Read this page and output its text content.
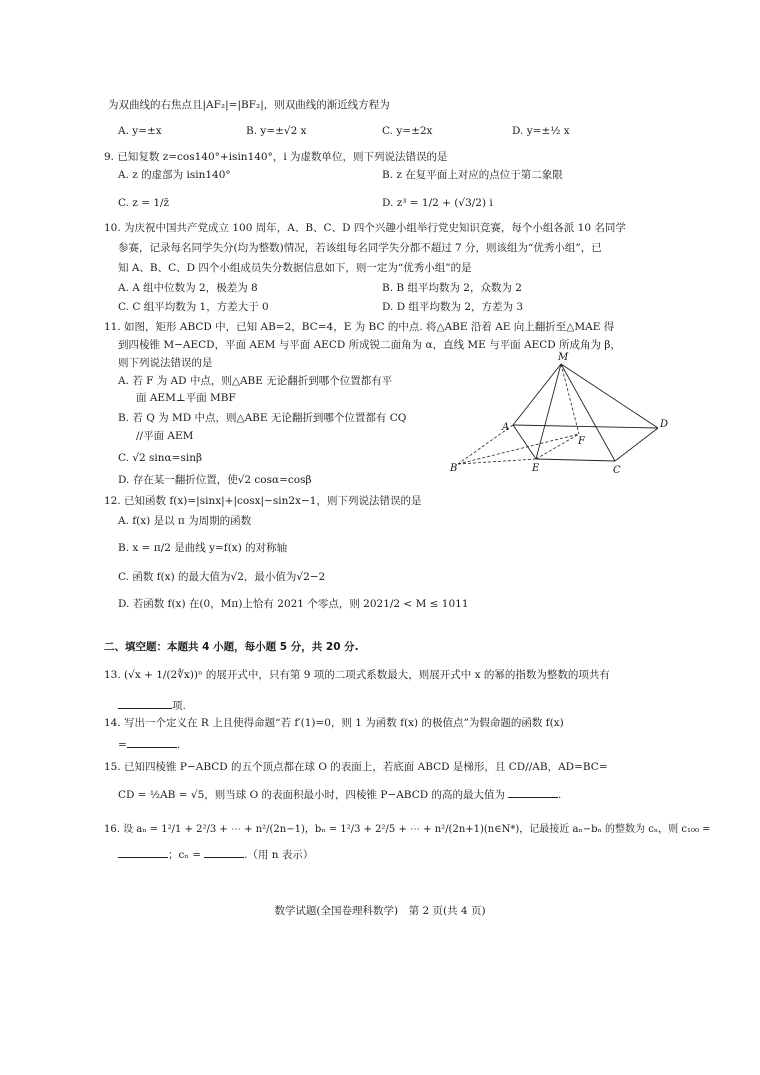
为双曲线的右焦点且|AF₂|=|BF₂|，则双曲线的渐近线方程为
A. y=±x	B. y=±√2 x	C. y=±2x	D. y=±½ x
9. 已知复数 z=cos140°+isin140°，i 为虚数单位，则下列说法错误的是
A. z 的虚部为 isin140°	B. z 在复平面上对应的点位于第二象限
C. z = 1/z̄	D. z³ = 1/2 + (√3/2) i
10. 为庆祝中国共产党成立 100 周年，A、B、C、D 四个兴趣小组举行党史知识竞赛，每个小组各派 10 名同学
参赛，记录每名同学失分(均为整数)情况，若该组每名同学失分都不超过 7 分，则该组为“优秀小组”，已
知 A、B、C、D 四个小组成员失分数据信息如下，则一定为“优秀小组”的是
A. A 组中位数为 2，极差为 8	B. B 组平均数为 2，众数为 2
C. C 组平均数为 1，方差大于 0	D. D 组平均数为 2，方差为 3
11. 如图，矩形 ABCD 中，已知 AB=2，BC=4，E 为 BC 的中点. 将△ABE 沿着 AE 向上翻折至△MAE 得
到四棱锥 M−AECD，平面 AEM 与平面 AECD 所成锐二面角为 α，直线 ME 与平面 AECD 所成角为 β，
则下列说法错误的是
A. 若 F 为 AD 中点，则△ABE 无论翻折到哪个位置都有平
面 AEM⊥平面 MBF
B. 若 Q 为 MD 中点，则△ABE 无论翻折到哪个位置都有 CQ
//平面 AEM
C. √2 sinα=sinβ
D. 存在某一翻折位置，使√2 cosα=cosβ
M
A	D
F
B	E	C
12. 已知函数 f(x)=|sinx|+|cosx|−sin2x−1，则下列说法错误的是
A. f(x) 是以 π 为周期的函数
B. x = π/2 是曲线 y=f(x) 的对称轴
C. 函数 f(x) 的最大值为√2，最小值为√2−2
D. 若函数 f(x) 在(0，Mπ)上恰有 2021 个零点，则 2021/2 < M ≤ 1011
二、填空题：本题共 4 小题，每小题 5 分，共 20 分.
13. (√x + 1/(2∜x))ⁿ 的展开式中，只有第 9 项的二项式系数最大，则展开式中 x 的幂的指数为整数的项共有
项.
14. 写出一个定义在 R 上且使得命题“若 f′(1)=0，则 1 为函数 f(x) 的极值点”为假命题的函数 f(x)
=	.
15. 已知四棱锥 P−ABCD 的五个顶点都在球 O 的表面上，若底面 ABCD 是梯形，且 CD//AB，AD=BC=
CD = ½AB = √5，则当球 O 的表面积最小时，四棱锥 P−ABCD 的高的最大值为	.
16. 设 aₙ = 1²/1 + 2²/3 + ⋯ + n²/(2n−1)，bₙ = 1²/3 + 2²/5 + ⋯ + n²/(2n+1)(n∈N*)，记最接近 aₙ−bₙ 的整数为 cₙ，则 c₁₀₀ =
；cₙ =	.（用 n 表示）
数学试题(全国卷理科数学)　第 2 页(共 4 页)
